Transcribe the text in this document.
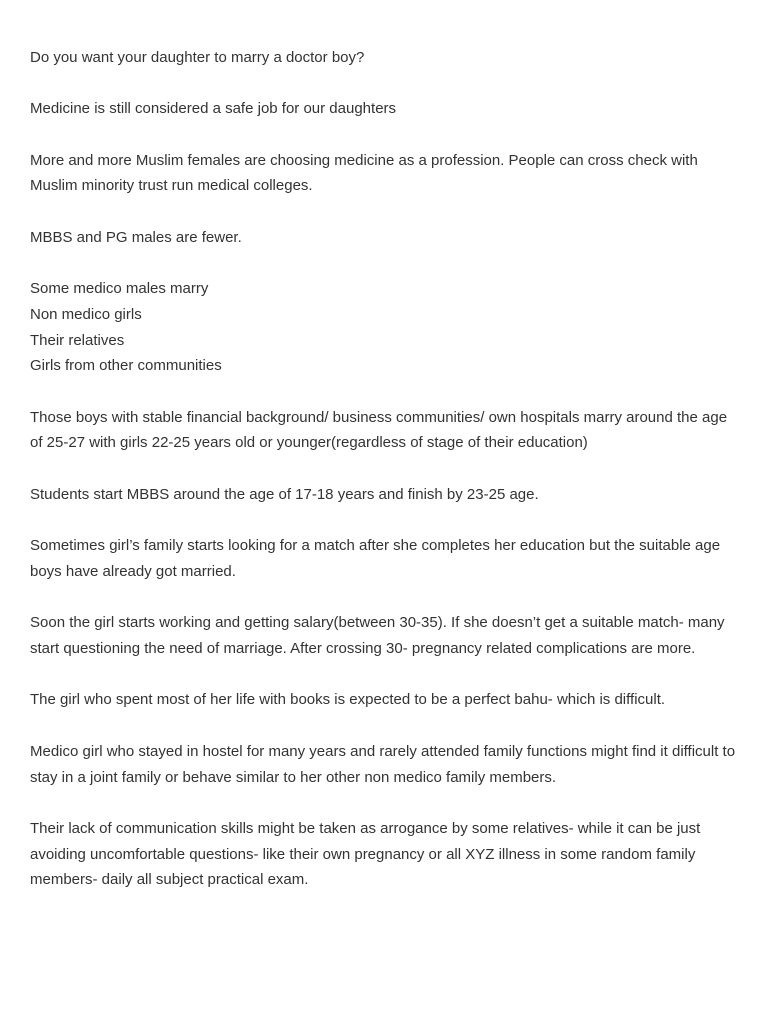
Do you want your daughter to marry a doctor boy?

Medicine is still considered a safe job for our daughters

More and more Muslim females are choosing medicine as a profession. People can cross check with Muslim minority trust run medical colleges.

MBBS and PG males are fewer.

Some medico males marry
Non medico girls
Their relatives
Girls from other communities

Those boys with stable financial background/ business communities/ own hospitals marry around the age of 25-27 with girls 22-25 years old or younger(regardless of stage of their education)

Students start MBBS around the age of 17-18 years and finish by 23-25 age.

Sometimes girl’s family starts looking for a match after she completes her education but the suitable age boys have already got married.

Soon the girl starts working and getting salary(between 30-35). If she doesn’t get a suitable match- many start questioning the need of marriage. After crossing 30- pregnancy related complications are more.

The girl who spent most of her life with books is expected to be a perfect bahu- which is difficult.

Medico girl who stayed in hostel for many years and rarely attended family functions might find it difficult to stay in a joint family or behave similar to her other non medico family members.

Their lack of communication skills might be taken as arrogance by some relatives- while it can be just avoiding uncomfortable questions- like their own pregnancy or all XYZ illness in some random family members- daily all subject practical exam.
